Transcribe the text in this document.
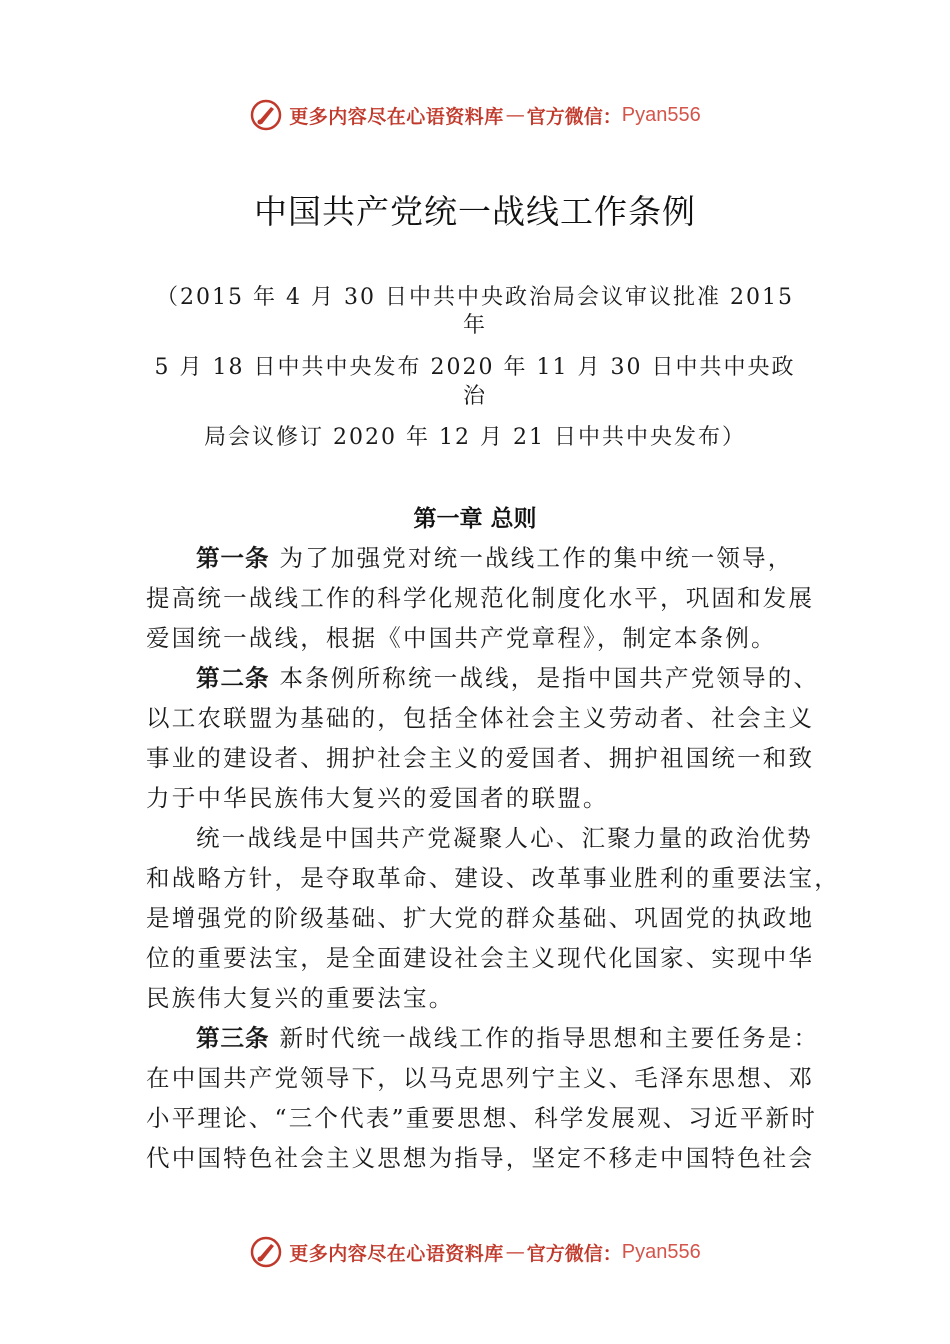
更多内容尽在心语资料库 — 官方微信： Pyan556
中国共产党统一战线工作条例
（2015 年 4 月 30 日中共中央政治局会议审议批准 2015
年
5 月 18 日中共中央发布 2020 年 11 月 30 日中共中央政
治
局会议修订 2020 年 12 月 21 日中共中央发布）
第一章 总则
第一条 为了加强党对统一战线工作的集中统一领导，
提高统一战线工作的科学化规范化制度化水平，巩固和发展
爱国统一战线，根据《中国共产党章程》，制定本条例。
第二条 本条例所称统一战线，是指中国共产党领导的、
以工农联盟为基础的，包括全体社会主义劳动者、社会主义
事业的建设者、拥护社会主义的爱国者、拥护祖国统一和致
力于中华民族伟大复兴的爱国者的联盟。
统一战线是中国共产党凝聚人心、汇聚力量的政治优势
和战略方针，是夺取革命、建设、改革事业胜利的重要法宝，
是增强党的阶级基础、扩大党的群众基础、巩固党的执政地
位的重要法宝，是全面建设社会主义现代化国家、实现中华
民族伟大复兴的重要法宝。
第三条 新时代统一战线工作的指导思想和主要任务是：
在中国共产党领导下，以马克思列宁主义、毛泽东思想、邓
小平理论、“三个代表”重要思想、科学发展观、习近平新时
代中国特色社会主义思想为指导，坚定不移走中国特色社会
更多内容尽在心语资料库 — 官方微信： Pyan556
